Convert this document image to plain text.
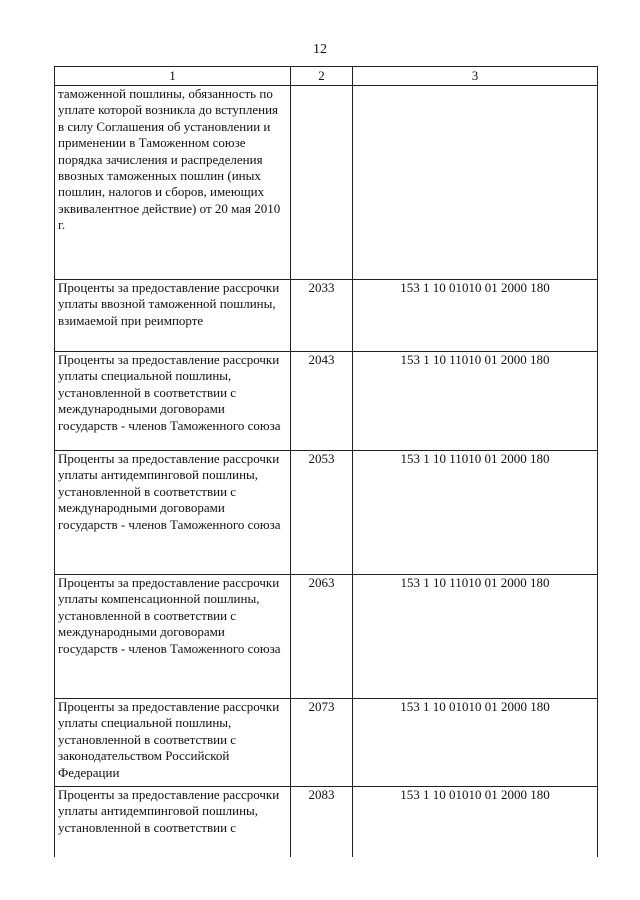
12
1	2	3
таможенной пошлины, обязанность по уплате которой возникла до вступления в силу Соглашения об установлении и применении в Таможенном союзе порядка зачисления и распределения ввозных таможенных пошлин (иных пошлин, налогов и сборов, имеющих эквивалентное действие) от 20 мая 2010 г.		
Проценты за предоставление рассрочки уплаты ввозной таможенной пошлины, взимаемой при реимпорте	2033	153 1 10 01010 01 2000 180
Проценты за предоставление рассрочки уплаты специальной пошлины, установленной в соответствии с международными договорами государств - членов Таможенного союза	2043	153 1 10 11010 01 2000 180
Проценты за предоставление рассрочки уплаты антидемпинговой пошлины, установленной в соответствии с международными договорами государств - членов Таможенного союза	2053	153 1 10 11010 01 2000 180
Проценты за предоставление рассрочки уплаты компенсационной пошлины, установленной в соответствии с международными договорами государств - членов Таможенного союза	2063	153 1 10 11010 01 2000 180
Проценты за предоставление рассрочки уплаты специальной пошлины, установленной в соответствии с законодательством Российской Федерации	2073	153 1 10 01010 01 2000 180
Проценты за предоставление рассрочки уплаты антидемпинговой пошлины, установленной в соответствии с	2083	153 1 10 01010 01 2000 180
